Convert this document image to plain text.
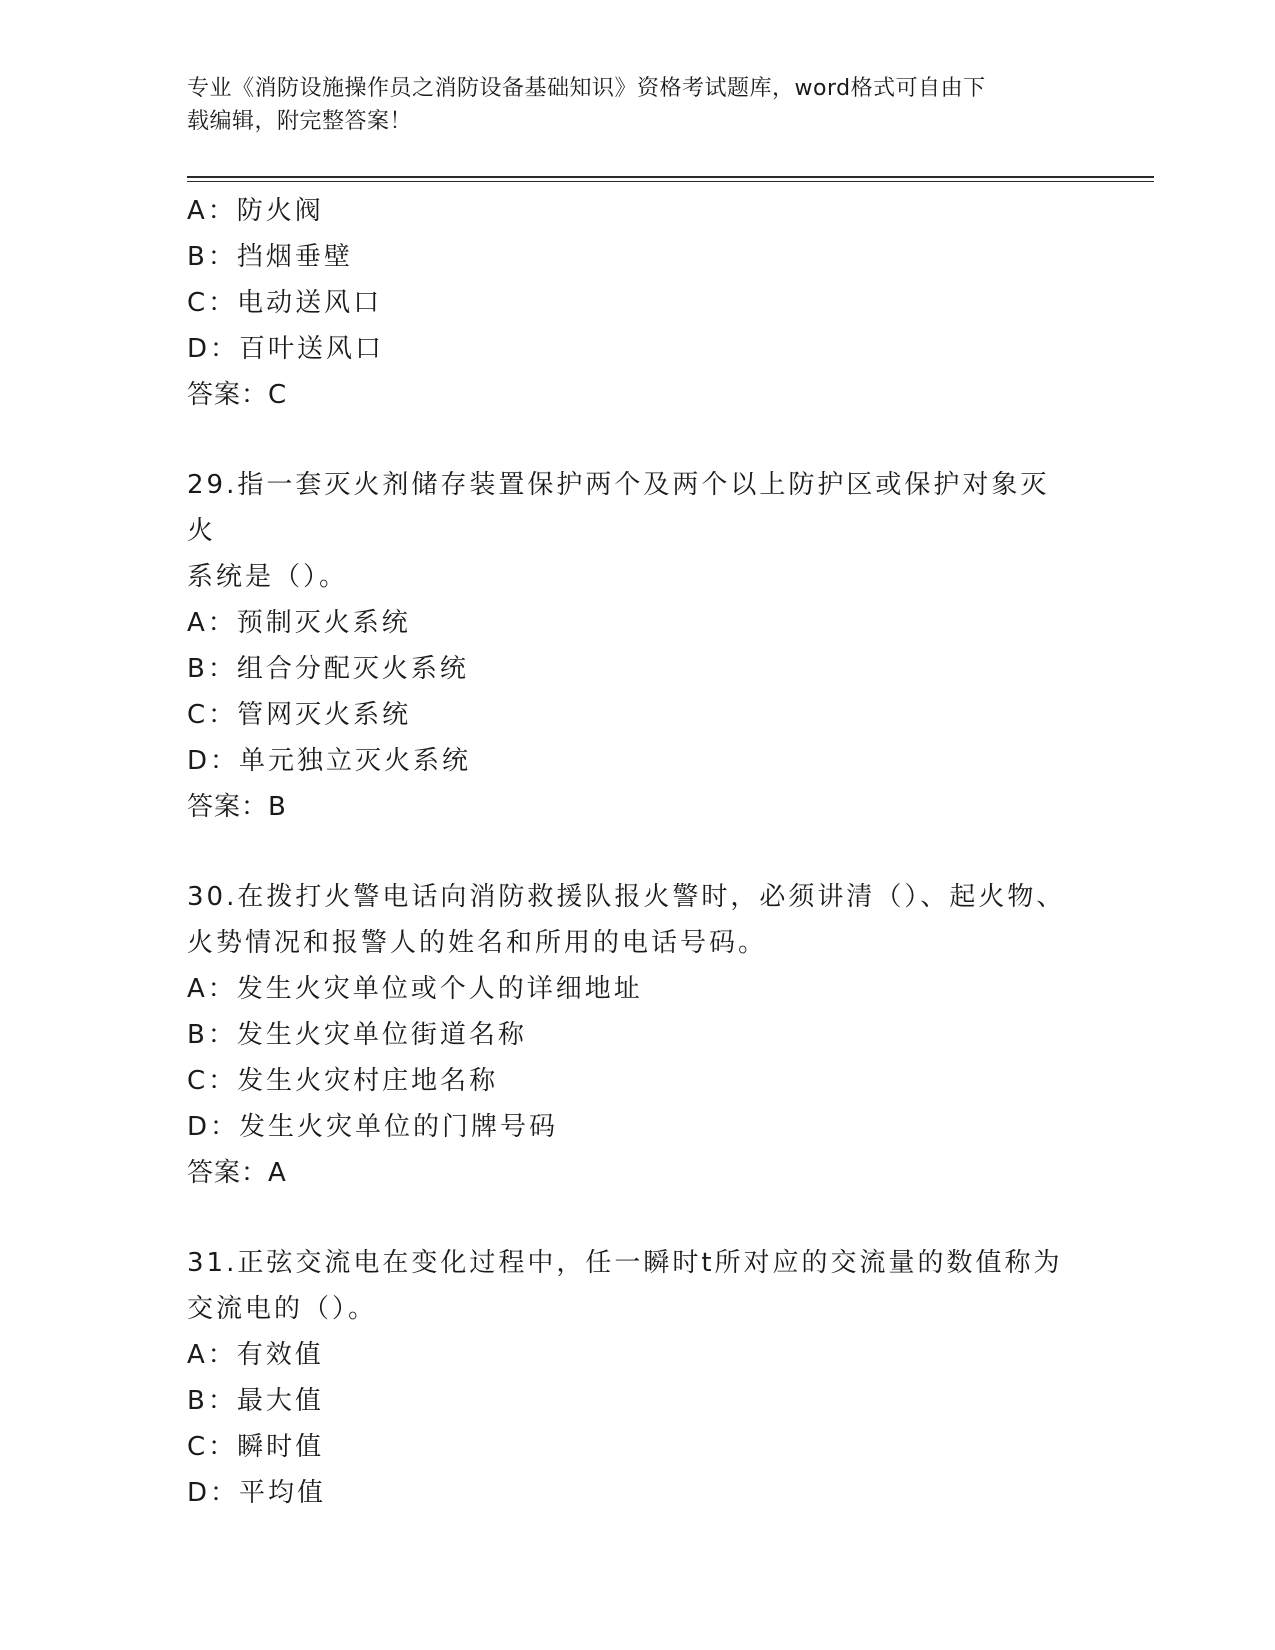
专业《消防设施操作员之消防设备基础知识》资格考试题库，word格式可自由下
载编辑，附完整答案！
A：防火阀
B：挡烟垂壁
C：电动送风口
D：百叶送风口
答案：C
29.指一套灭火剂储存装置保护两个及两个以上防护区或保护对象灭火
系统是（）。
A：预制灭火系统
B：组合分配灭火系统
C：管网灭火系统
D：单元独立灭火系统
答案：B
30.在拨打火警电话向消防救援队报火警时，必须讲清（）、起火物、
火势情况和报警人的姓名和所用的电话号码。
A：发生火灾单位或个人的详细地址
B：发生火灾单位街道名称
C：发生火灾村庄地名称
D：发生火灾单位的门牌号码
答案：A
31.正弦交流电在变化过程中，任一瞬时t所对应的交流量的数值称为
交流电的（）。
A：有效值
B：最大值
C：瞬时值
D：平均值
